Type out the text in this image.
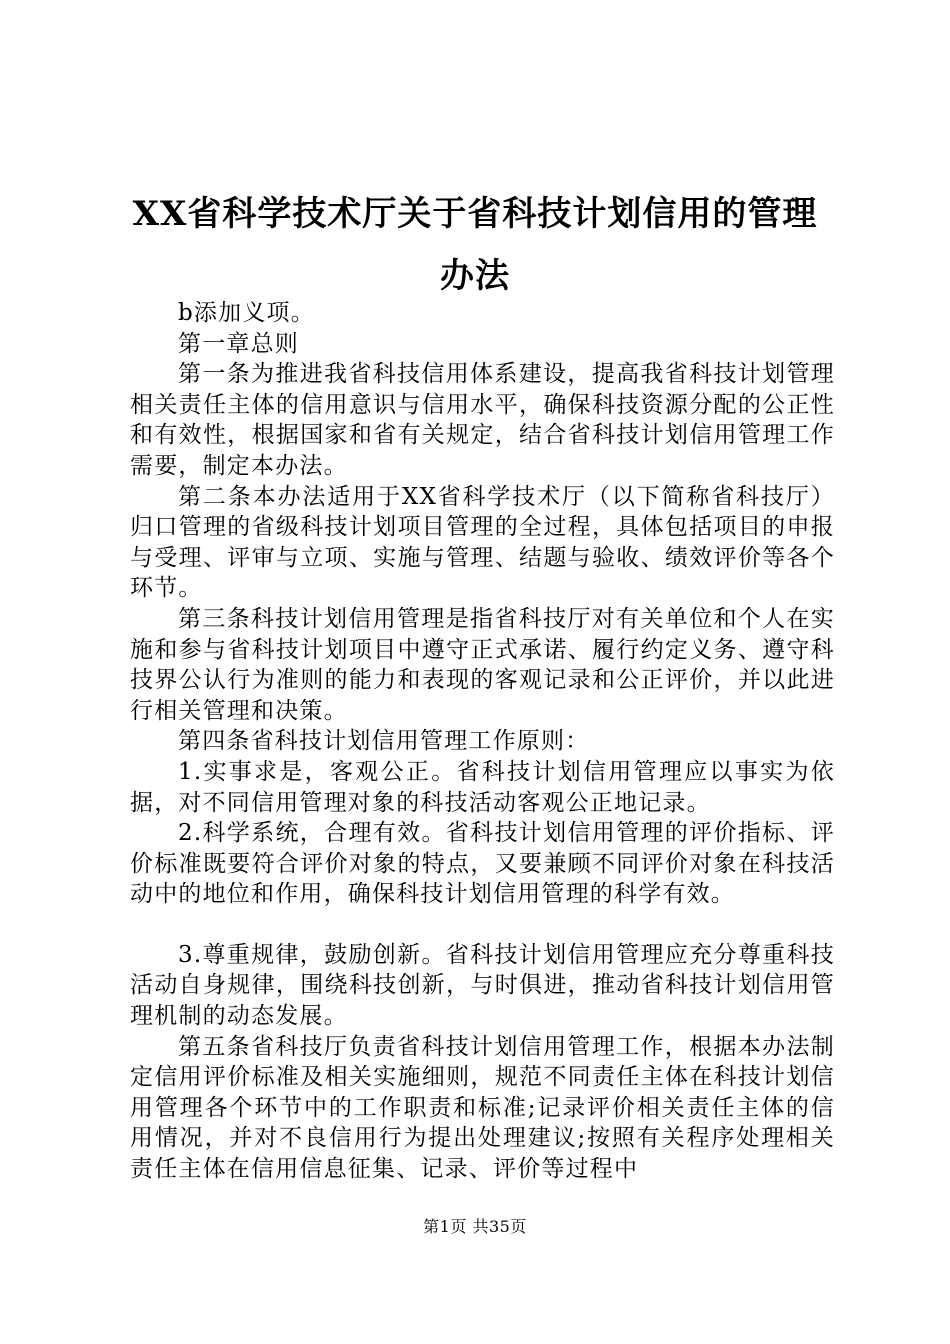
XX省科学技术厅关于省科技计划信用的管理
办法

b添加义项。

第一章总则

第一条为推进我省科技信用体系建设，提高我省科技计划管理相关责任主体的信用意识与信用水平，确保科技资源分配的公正性和有效性，根据国家和省有关规定，结合省科技计划信用管理工作需要，制定本办法。

第二条本办法适用于XX省科学技术厅（以下简称省科技厅）归口管理的省级科技计划项目管理的全过程，具体包括项目的申报与受理、评审与立项、实施与管理、结题与验收、绩效评价等各个环节。

第三条科技计划信用管理是指省科技厅对有关单位和个人在实施和参与省科技计划项目中遵守正式承诺、履行约定义务、遵守科技界公认行为准则的能力和表现的客观记录和公正评价，并以此进行相关管理和决策。

第四条省科技计划信用管理工作原则：

1.实事求是，客观公正。省科技计划信用管理应以事实为依据，对不同信用管理对象的科技活动客观公正地记录。

2.科学系统，合理有效。省科技计划信用管理的评价指标、评价标准既要符合评价对象的特点，又要兼顾不同评价对象在科技活动中的地位和作用，确保科技计划信用管理的科学有效。

3.尊重规律，鼓励创新。省科技计划信用管理应充分尊重科技活动自身规律，围绕科技创新，与时俱进，推动省科技计划信用管理机制的动态发展。

第五条省科技厅负责省科技计划信用管理工作，根据本办法制定信用评价标准及相关实施细则，规范不同责任主体在科技计划信用管理各个环节中的工作职责和标准;记录评价相关责任主体的信用情况，并对不良信用行为提出处理建议;按照有关程序处理相关责任主体在信用信息征集、记录、评价等过程中

第1页 共35页
